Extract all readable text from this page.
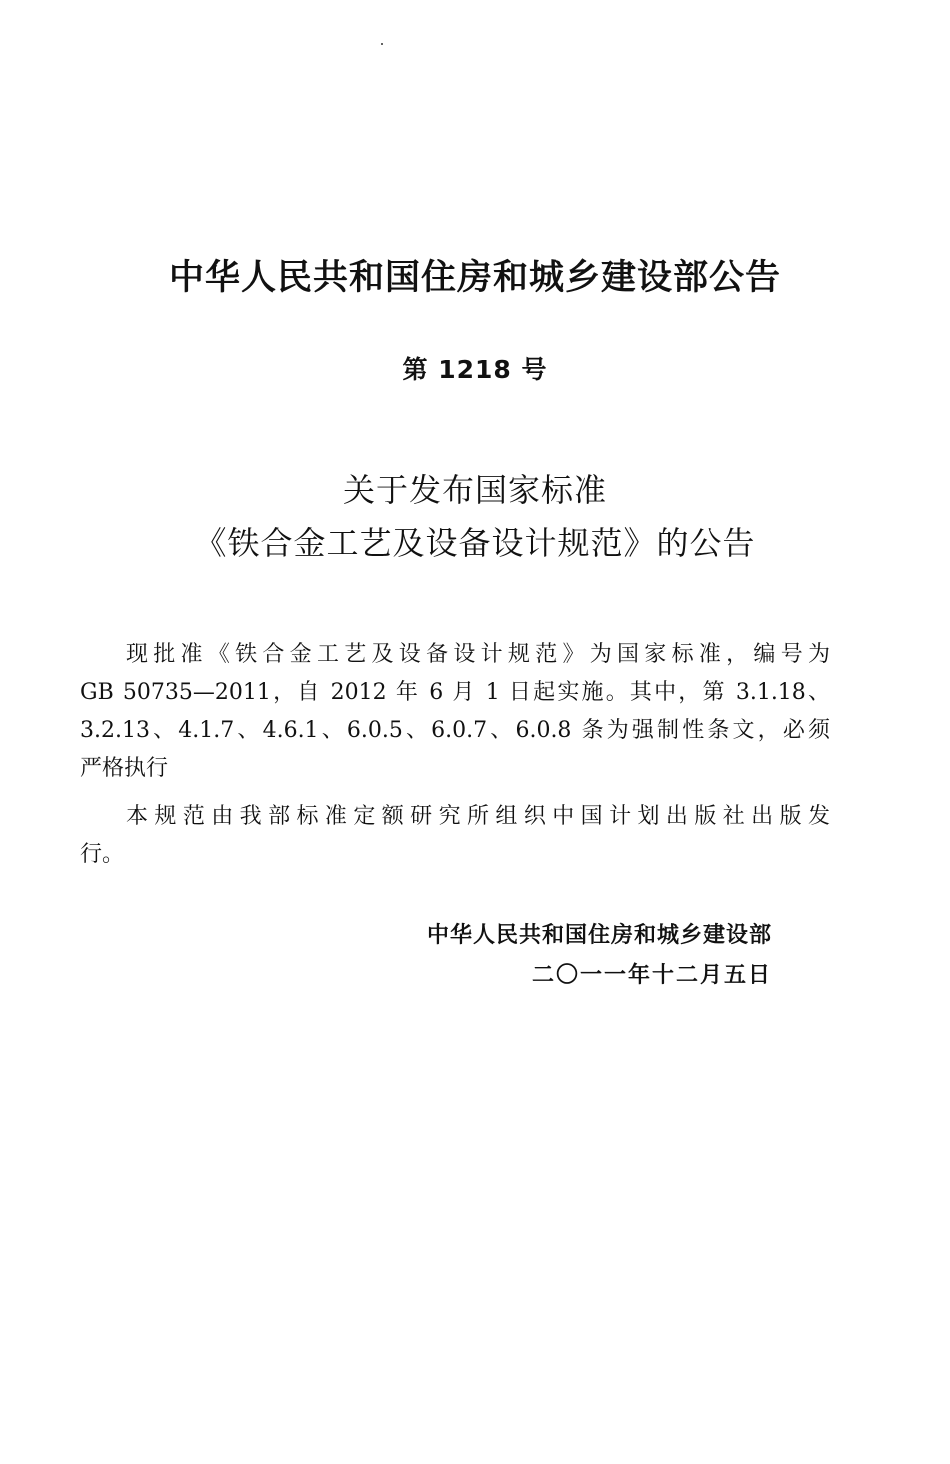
中华人民共和国住房和城乡建设部公告
第 1218 号
关于发布国家标准
《铁合金工艺及设备设计规范》的公告
现批准《铁合金工艺及设备设计规范》为国家标准，编号为
GB 50735—2011，自 2012 年 6 月 1 日起实施。其中，第 3.1.18、
3.2.13、4.1.7、4.6.1、6.0.5、6.0.7、6.0.8 条为强制性条文，必须
严格执行
本规范由我部标准定额研究所组织中国计划出版社出版发
行。
中华人民共和国住房和城乡建设部
二〇一一年十二月五日
